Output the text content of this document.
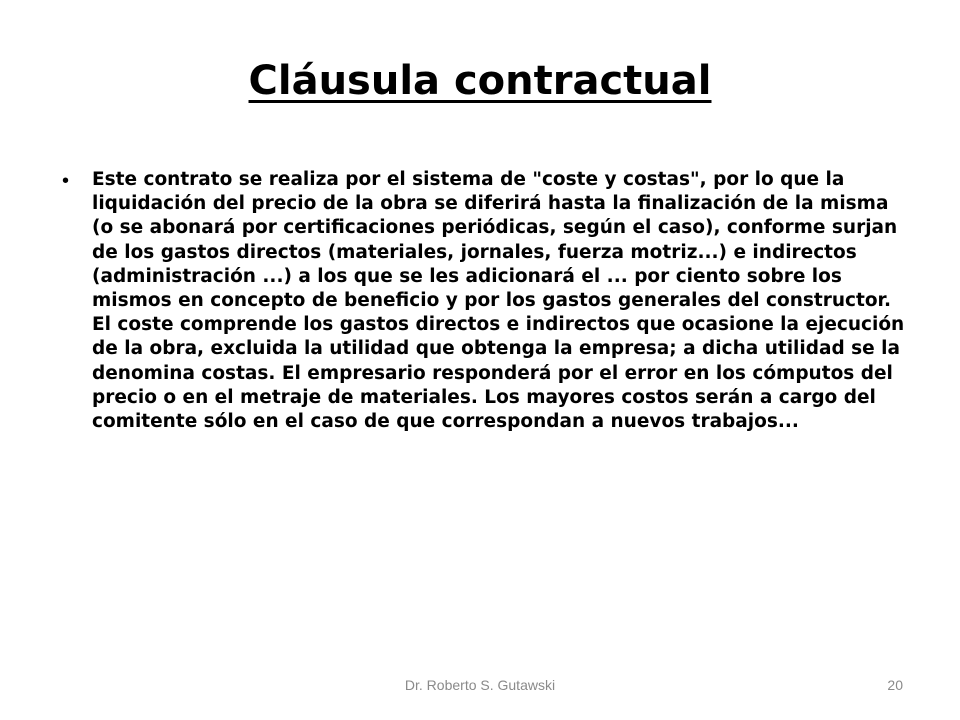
Cláusula contractual
•	Este contrato se realiza por el sistema de "coste y costas", por lo que la liquidación del precio de la obra se diferirá hasta la finalización de la misma (o se abonará por certificaciones periódicas, según el caso), conforme surjan de los gastos directos (materiales, jornales, fuerza motriz...) e indirectos (administración ...) a los que se les adicionará el ... por ciento sobre los mismos en concepto de beneficio y por los gastos generales del constructor. El coste comprende los gastos directos e indirectos que ocasione la ejecución de la obra, excluida la utilidad que obtenga la empresa; a dicha utilidad se la denomina costas. El empresario responderá por el error en los cómputos del precio o en el metraje de materiales. Los mayores costos serán a cargo del comitente sólo en el caso de que correspondan a nuevos trabajos...
Dr. Roberto S. Gutawski	20
